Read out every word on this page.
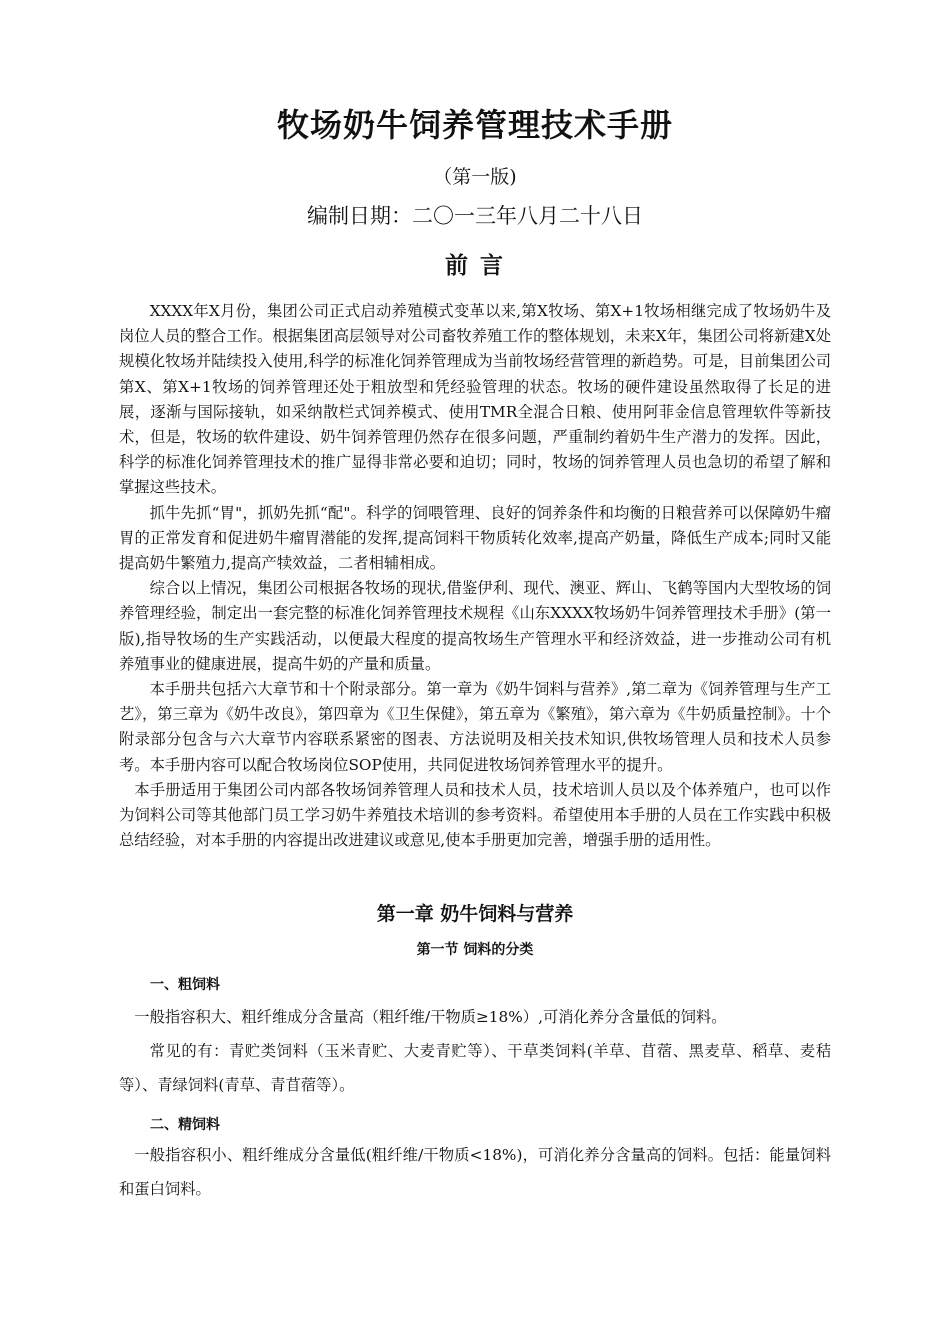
牧场奶牛饲养管理技术手册
（第一版)
编制日期：二〇一三年八月二十八日
前 言

XXXX年X月份，集团公司正式启动养殖模式变革以来,第X牧场、第X+1牧场相继完成了牧场奶牛及岗位人员的整合工作。根据集团高层领导对公司畜牧养殖工作的整体规划，未来X年，集团公司将新建X处规模化牧场并陆续投入使用,科学的标准化饲养管理成为当前牧场经营管理的新趋势。可是，目前集团公司第X、第X+1牧场的饲养管理还处于粗放型和凭经验管理的状态。牧场的硬件建设虽然取得了长足的进展，逐渐与国际接轨，如采纳散栏式饲养模式、使用TMR全混合日粮、使用阿菲金信息管理软件等新技术，但是，牧场的软件建设、奶牛饲养管理仍然存在很多问题，严重制约着奶牛生产潜力的发挥。因此，科学的标准化饲养管理技术的推广显得非常必要和迫切；同时，牧场的饲养管理人员也急切的希望了解和掌握这些技术。

抓牛先抓“胃"，抓奶先抓“配"。科学的饲喂管理、良好的饲养条件和均衡的日粮营养可以保障奶牛瘤胃的正常发育和促进奶牛瘤胃潜能的发挥,提高饲料干物质转化效率,提高产奶量，降低生产成本;同时又能提高奶牛繁殖力,提高产犊效益，二者相辅相成。

综合以上情况，集团公司根据各牧场的现状,借鉴伊利、现代、澳亚、辉山、飞鹤等国内大型牧场的饲养管理经验，制定出一套完整的标准化饲养管理技术规程《山东XXXX牧场奶牛饲养管理技术手册》(第一版),指导牧场的生产实践活动，以便最大程度的提高牧场生产管理水平和经济效益，进一步推动公司有机养殖事业的健康进展，提高牛奶的产量和质量。

本手册共包括六大章节和十个附录部分。第一章为《奶牛饲料与营养》,第二章为《饲养管理与生产工艺》，第三章为《奶牛改良》，第四章为《卫生保健》，第五章为《繁殖》，第六章为《牛奶质量控制》。十个附录部分包含与六大章节内容联系紧密的图表、方法说明及相关技术知识,供牧场管理人员和技术人员参考。本手册内容可以配合牧场岗位SOP使用，共同促进牧场饲养管理水平的提升。

本手册适用于集团公司内部各牧场饲养管理人员和技术人员，技术培训人员以及个体养殖户，也可以作为饲料公司等其他部门员工学习奶牛养殖技术培训的参考资料。希望使用本手册的人员在工作实践中积极总结经验，对本手册的内容提出改进建议或意见,使本手册更加完善，增强手册的适用性。

第一章 奶牛饲料与营养
第一节 饲料的分类
一、粗饲料

一般指容积大、粗纤维成分含量高（粗纤维/干物质≥18%）,可消化养分含量低的饲料。

常见的有：青贮类饲料（玉米青贮、大麦青贮等）、干草类饲料(羊草、苜蓿、黑麦草、稻草、麦秸等）、青绿饲料(青草、青苜蓿等）。

二、精饲料

一般指容积小、粗纤维成分含量低(粗纤维/干物质<18%)，可消化养分含量高的饲料。包括：能量饲料和蛋白饲料。
